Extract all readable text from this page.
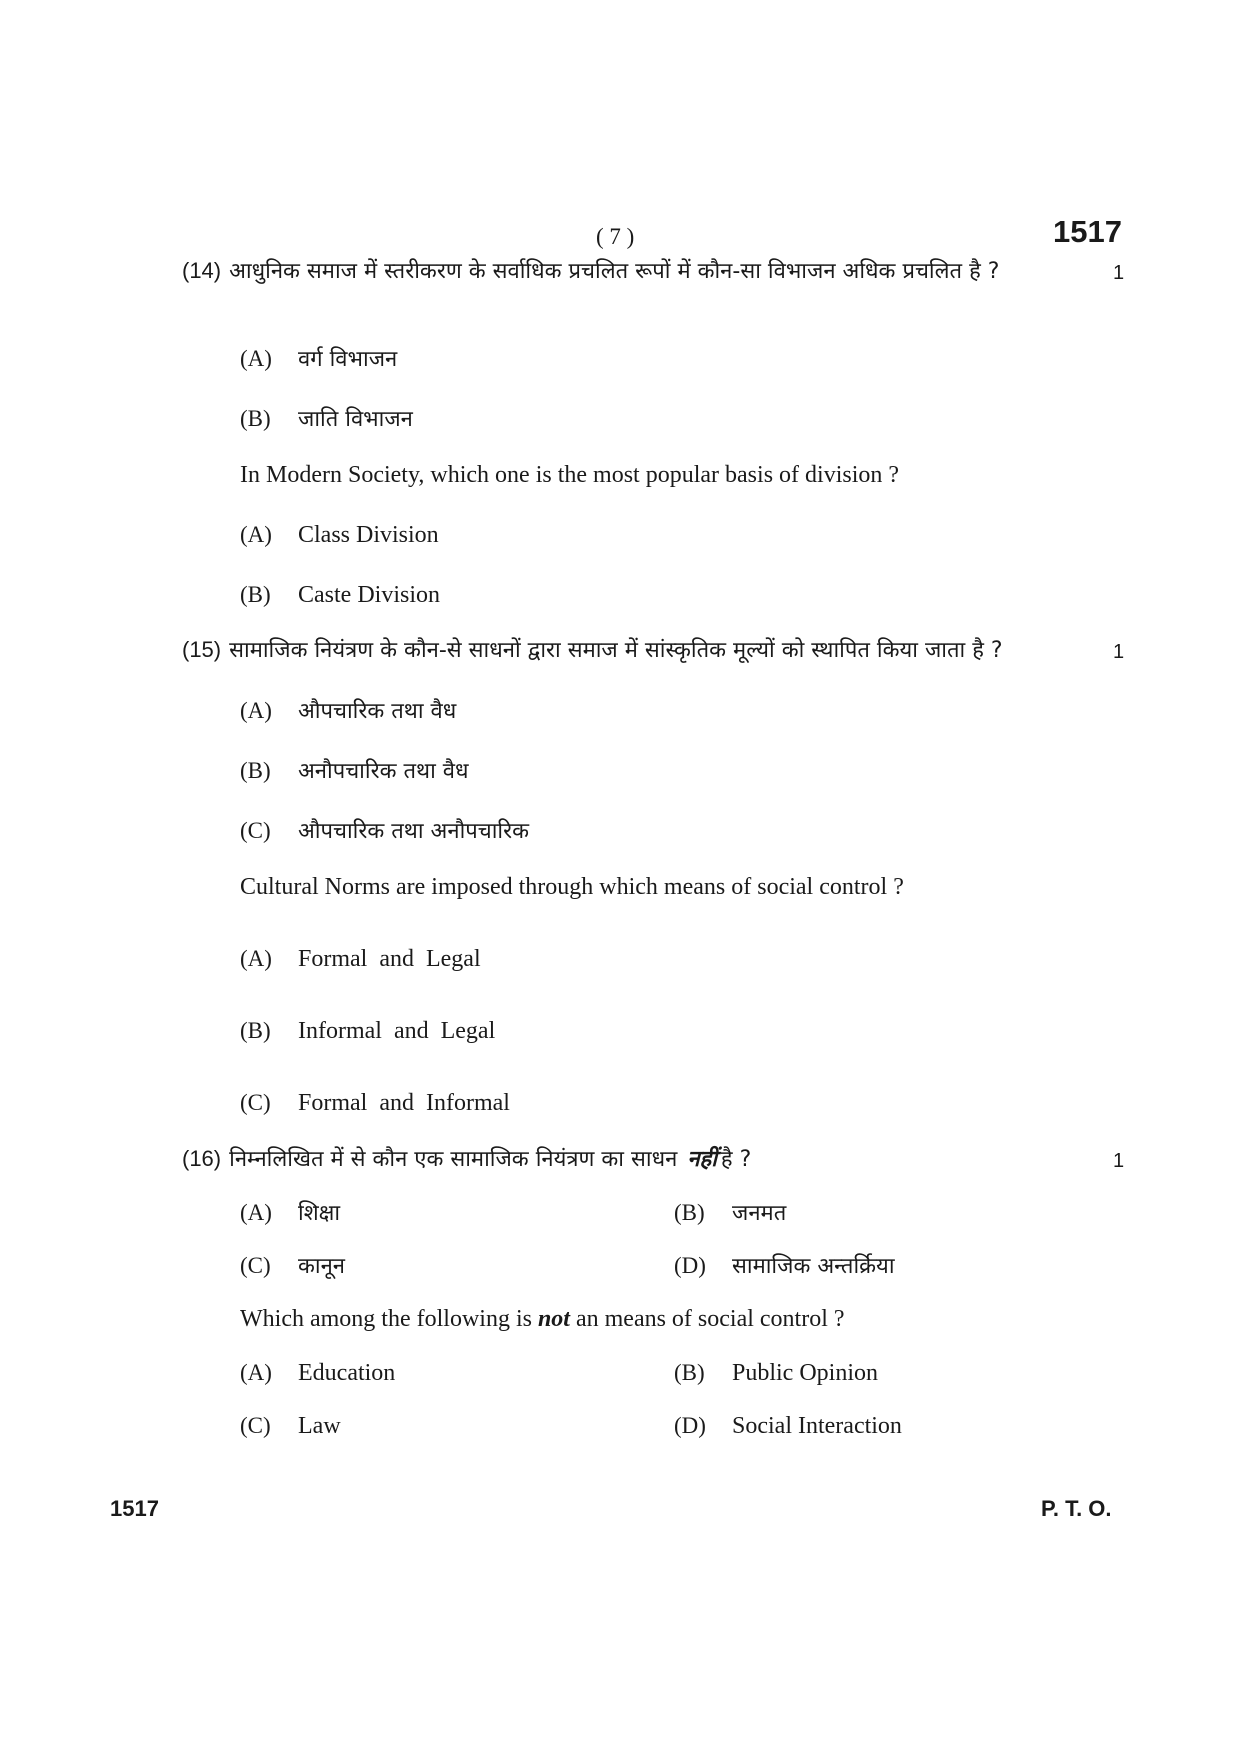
( 7 )	1517
(14) आधुनिक समाज में स्तरीकरण के सर्वाधिक प्रचलित रूपों में कौन-सा विभाजन अधिक प्रचलित है ?	1
(A) वर्ग विभाजन
(B) जाति विभाजन
In Modern Society, which one is the most popular basis of division ?
(A) Class Division
(B) Caste Division
(15) सामाजिक नियंत्रण के कौन-से साधनों द्वारा समाज में सांस्कृतिक मूल्यों को स्थापित किया जाता है ?	1
(A) औपचारिक तथा वैध
(B) अनौपचारिक तथा वैध
(C) औपचारिक तथा अनौपचारिक
Cultural Norms are imposed through which means of social control ?
(A) Formal  and  Legal
(B) Informal  and  Legal
(C) Formal  and  Informal
(16) निम्नलिखित में से कौन एक सामाजिक नियंत्रण का साधन नहीं है ?	1
(A) शिक्षा	(B) जनमत
(C) कानून	(D) सामाजिक अन्तर्क्रिया
Which among the following is not an means of social control ?
(A) Education	(B) Public Opinion
(C) Law	(D) Social Interaction
1517	P. T. O.
